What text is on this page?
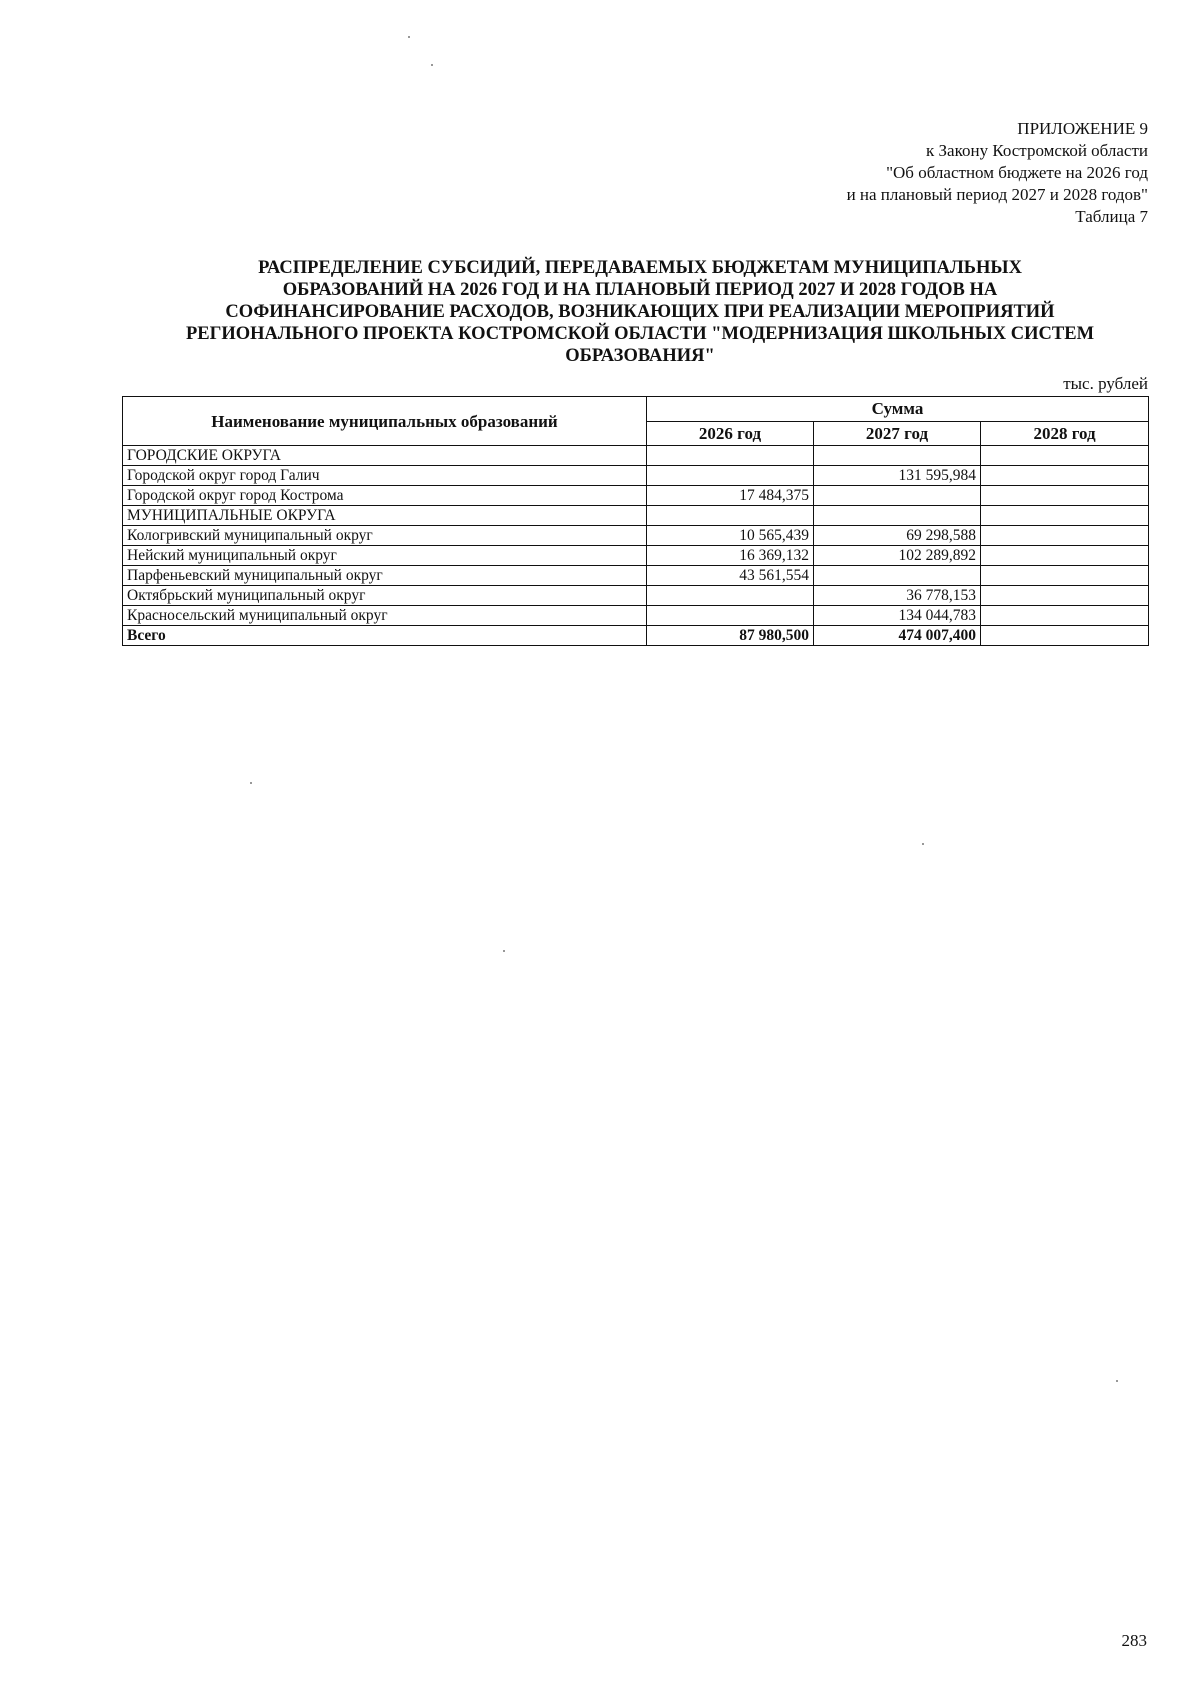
ПРИЛОЖЕНИЕ 9
к Закону Костромской области
"Об областном бюджете на 2026 год
и на плановый период 2027 и 2028 годов"
Таблица 7
РАСПРЕДЕЛЕНИЕ СУБСИДИЙ, ПЕРЕДАВАЕМЫХ БЮДЖЕТАМ МУНИЦИПАЛЬНЫХ
ОБРАЗОВАНИЙ НА 2026 ГОД И НА ПЛАНОВЫЙ ПЕРИОД 2027 И 2028 ГОДОВ НА
СОФИНАНСИРОВАНИЕ РАСХОДОВ, ВОЗНИКАЮЩИХ ПРИ РЕАЛИЗАЦИИ МЕРОПРИЯТИЙ
РЕГИОНАЛЬНОГО ПРОЕКТА КОСТРОМСКОЙ ОБЛАСТИ "МОДЕРНИЗАЦИЯ ШКОЛЬНЫХ СИСТЕМ
ОБРАЗОВАНИЯ"
тыс. рублей
Наименование муниципальных образований	Сумма		
	2026 год	2027 год	2028 год
ГОРОДСКИЕ ОКРУГА			
Городской округ город Галич		131 595,984	
Городской округ город Кострома	17 484,375		
МУНИЦИПАЛЬНЫЕ ОКРУГА			
Кологривский муниципальный округ	10 565,439	69 298,588	
Нейский муниципальный округ	16 369,132	102 289,892	
Парфеньевский муниципальный округ	43 561,554		
Октябрьский муниципальный округ		36 778,153	
Красносельский муниципальный округ		134 044,783	
Всего	87 980,500	474 007,400	
283
